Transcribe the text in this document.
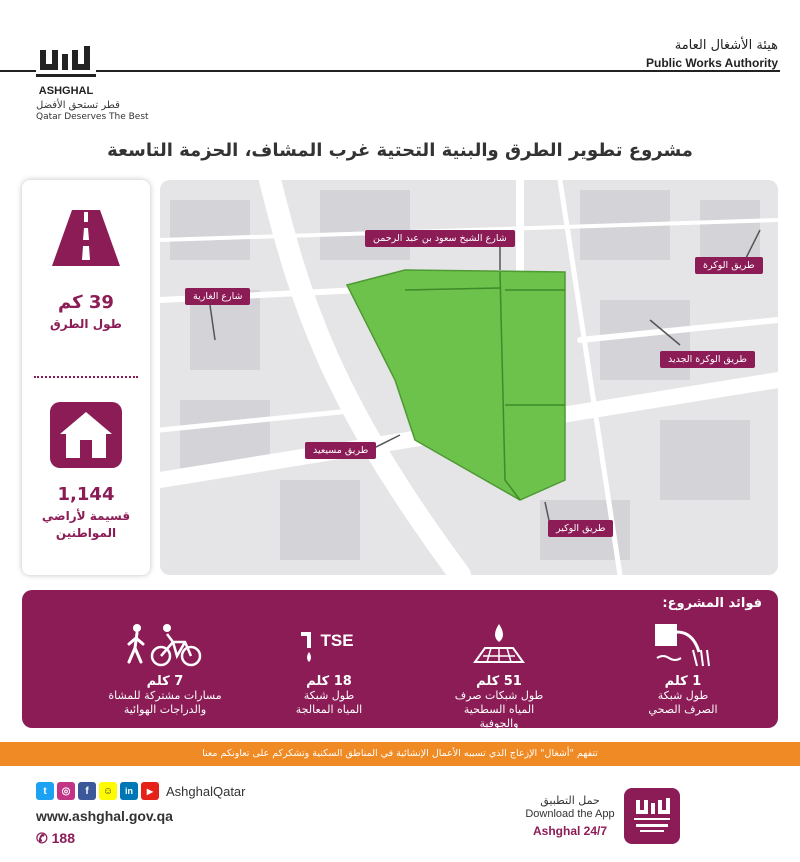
ASHGHAL
قطر تستحق الأفضل
Qatar Deserves The Best
هيئة الأشغال العامة
Public Works Authority
مشروع تطوير الطرق والبنية التحتية غرب المشاف، الحزمة التاسعة
39 كم
طول الطرق
1,144
قسيمة لأراضي المواطنين
شارع الشيخ سعود بن عبد الرحمن
طريق الوكرة
شارع الغارية
طريق الوكرة الجديد
طريق مسيعيد
طريق الوكير
فوائد المشروع:
1 كلم
طول شبكة الصرف الصحي
51 كلم
طول شبكات صرف المياه السطحية والجوفية
TSE
18 كلم
طول شبكة المياه المعالجة
7 كلم
مسارات مشتركة للمشاة والدراجات الهوائية
تتفهم "أشغال" الإزعاج الذي تسببه الأعمال الإنشائية في المناطق السكنية وتشكركم على تعاونكم معنا
t	◎	f	☺	in	▶ AshghalQatar
www.ashghal.gov.qa
✆ 188
حمل التطبيق
Download the App
Ashghal 24/7
